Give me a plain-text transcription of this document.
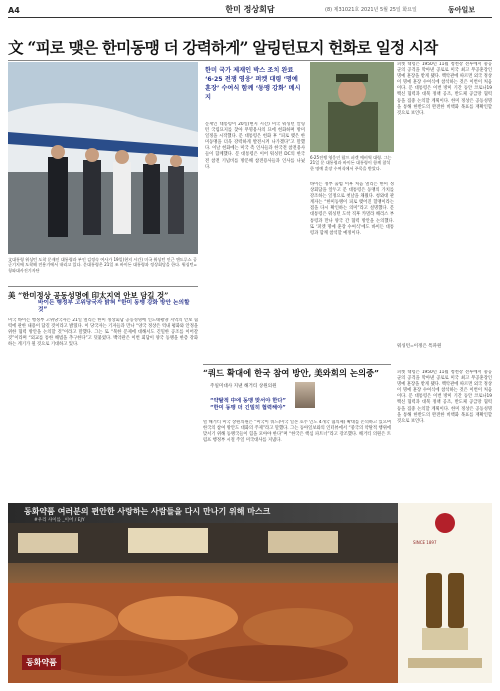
A4	한미 정상회담	(8) 제31021호 2021년 5월 25일 화요일	동아일보
文 “피로 맺은 한미동맹 더 강력하게” 알링턴묘지 헌화로 일정 시작
文대통령 워싱턴 도착 문재인 대통령과 부인 김정숙 여사가 19일(현지 시간) 미국 워싱턴 인근 앤드루스 공군기지에 도착해 전용기에서 내리고 있다. 문대통령은 21일 조 바이든 대통령과 정상회담을 한다. 워싱턴=청와대사진기자단
한미 국가 제재인 박스 조치 완료 ‘6·25 전쟁 영웅’ 퍼켓 대령 ‘명예 훈장’ 수여식 함께 ‘동맹 강화’ 메시지
문재인 대통령이 20일(현지 시간) 미국 워싱턴 알링턴 국립묘지를 찾아 무명용사의 묘에 헌화하며 방미 일정을 시작했다. 문 대통령은 헌화 후 “피로 맺은 한미동맹을 더욱 강력하게 발전시켜 나가겠다”고 말했다. 이날 헌화에는 미국 측 인사들과 한국전 참전용사들이 함께했다. 문 대통령은 이어 워싱턴 DC의 한국전 참전 기념비를 방문해 참전용사들과 인사를 나눴다.
6·25전쟁 영웅인 랄프 퍼켓 예비역 대령. 그는 21일 문 대통령과 바이든 대통령이 함께 참석한 명예 훈장 수여식에서 주목을 받았다.
바이든 정부 출범 이후 처음 열리는 한미 정상회담을 앞두고 문 대통령은 동맹의 가치를 강조하는 일정으로 첫날을 채웠다. 청와대 관계자는 “한미동맹이 피로 맺어진 혈맹이라는 점을 다시 확인하는 의미”라고 설명했다. 문 대통령은 워싱턴 도착 직후 카멀라 해리스 부통령과 만나 양국 간 협력 방안을 논의했다. 또 ‘퍼켓 명예 훈장 수여식’에도 바이든 대통령과 함께 참석할 예정이다.
퍼켓 대령은 1950년 11월 청천강 전투에서 중공군의 공격을 막아낸 공로로 미국 최고 무공훈장인 명예 훈장을 받게 됐다. 백악관에 따르면 외국 정상이 명예 훈장 수여식에 참석하는 것은 이번이 처음이다. 문 대통령은 이번 방미 기간 동안 코로나19 백신 협력과 대북 정책 공조, 반도체 공급망 협력 등을 집중 논의할 계획이다. 한미 정상은 공동성명을 통해 한반도의 완전한 비핵화 목표를 재확인할 것으로 보인다.
워싱턴=이정은 특파원
美 “한미정상 공동성명에 印太지역 안보 담길 것”
바이든 행정부 고위당국자 밝혀 “한미 동맹 강화 방안 논의할 것”
미국 바이든 행정부 고위당국자는 21일 열리는 한미 정상회담 공동성명에 인도태평양 지역의 안보 협력에 관한 내용이 담길 것이라고 밝혔다. 이 당국자는 기자들과 만나 “양국 정상은 역내 평화와 안정을 위한 협력 방안을 논의할 것”이라고 말했다. 그는 또 “북한 문제에 대해서도 긴밀한 공조를 이어갈 것”이라며 “외교를 통한 해법을 추구한다”고 덧붙였다. 백악관은 이번 회담이 양국 동맹을 한층 강화하는 계기가 될 것으로 기대하고 있다.
“쿼드 확대에 한국 참여 방안, 美와회의 논의중”
주일미대사 지낸 해거티 상원의원
“약탈적 中에 동맹 맞서야 한다” “한미 동맹 더 긴밀히 협력해야”
빌 해거티 미국 상원의원은 “미국이 쿼드(미국 일본 호주 인도 4개국 협의체) 확대를 논의하고 있으며 한국의 참여 방안도 대화의 주제”라고 말했다. 그는 동아일보와의 인터뷰에서 “중국의 약탈적 행위에 맞서기 위해 동맹국들이 힘을 모아야 한다”며 “한국은 핵심 파트너”라고 강조했다. 해거티 의원은 트럼프 행정부 시절 주일 미국대사를 지냈다.
퍼켓 대령은 1950년 11월 청천강 전투에서 중공군의 공격을 막아낸 공로로 미국 최고 무공훈장인 명예 훈장을 받게 됐다. 백악관에 따르면 외국 정상이 명예 훈장 수여식에 참석하는 것은 이번이 처음이다. 문 대통령은 이번 방미 기간 동안 코로나19 백신 협력과 대북 정책 공조, 반도체 공급망 협력 등을 집중 논의할 계획이다. 한미 정상은 공동성명을 통해 한반도의 완전한 비핵화 목표를 재확인할 것으로 보인다.
동화약품 여러분의 편안한 사랑하는 사람들을 다시 만나기 위해 마스크
#우리 사이를 _이어 / EJY
동화약품
SINCE 1897
